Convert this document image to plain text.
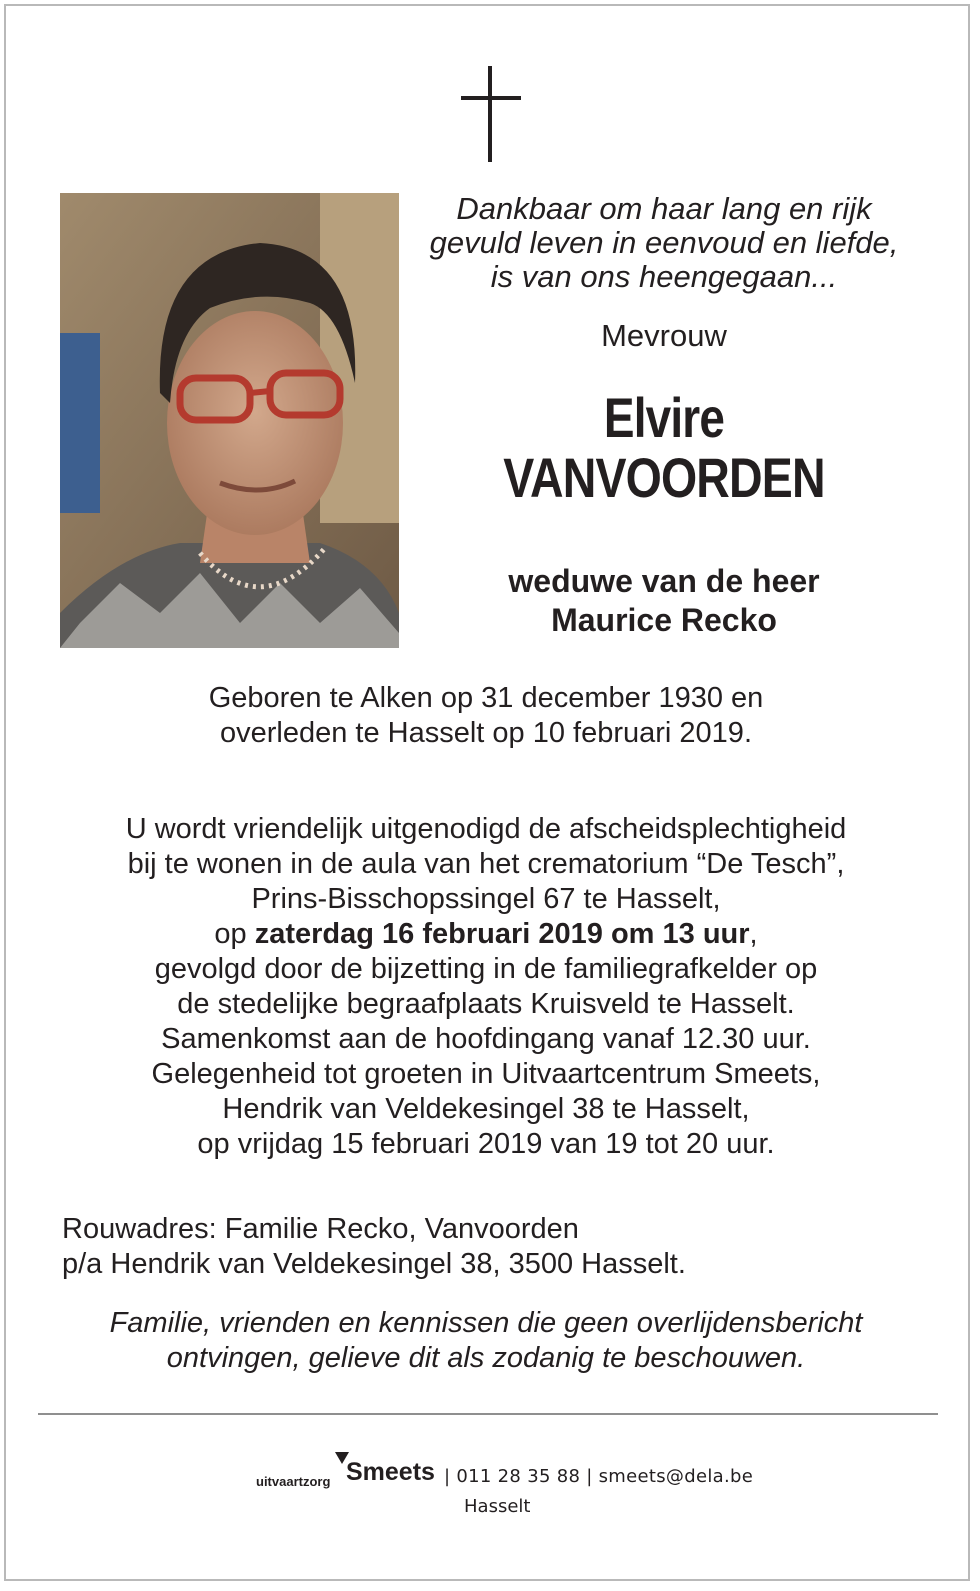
Dankbaar om haar lang en rijk
gevuld leven in eenvoud en liefde,
is van ons heengegaan...
Mevrouw
Elvire
VANVOORDEN
weduwe van de heer
Maurice Recko
Geboren te Alken op 31 december 1930 en
overleden te Hasselt op 10 februari 2019.
U wordt vriendelijk uitgenodigd de afscheidsplechtigheid
bij te wonen in de aula van het crematorium “De Tesch”,
Prins-Bisschopssingel 67 te Hasselt,
op zaterdag 16 februari 2019 om 13 uur,
gevolgd door de bijzetting in de familiegrafkelder op
de stedelijke begraafplaats Kruisveld te Hasselt.
Samenkomst aan de hoofdingang vanaf 12.30 uur.
Gelegenheid tot groeten in Uitvaartcentrum Smeets,
Hendrik van Veldekesingel 38 te Hasselt,
op vrijdag 15 februari 2019 van 19 tot 20 uur.
Rouwadres: Familie Recko, Vanvoorden
p/a Hendrik van Veldekesingel 38, 3500 Hasselt.
Familie, vrienden en kennissen die geen overlijdensbericht
ontvingen, gelieve dit als zodanig te beschouwen.
uitvaartzorg Smeets | 011 28 35 88 | smeets@dela.be
Hasselt
